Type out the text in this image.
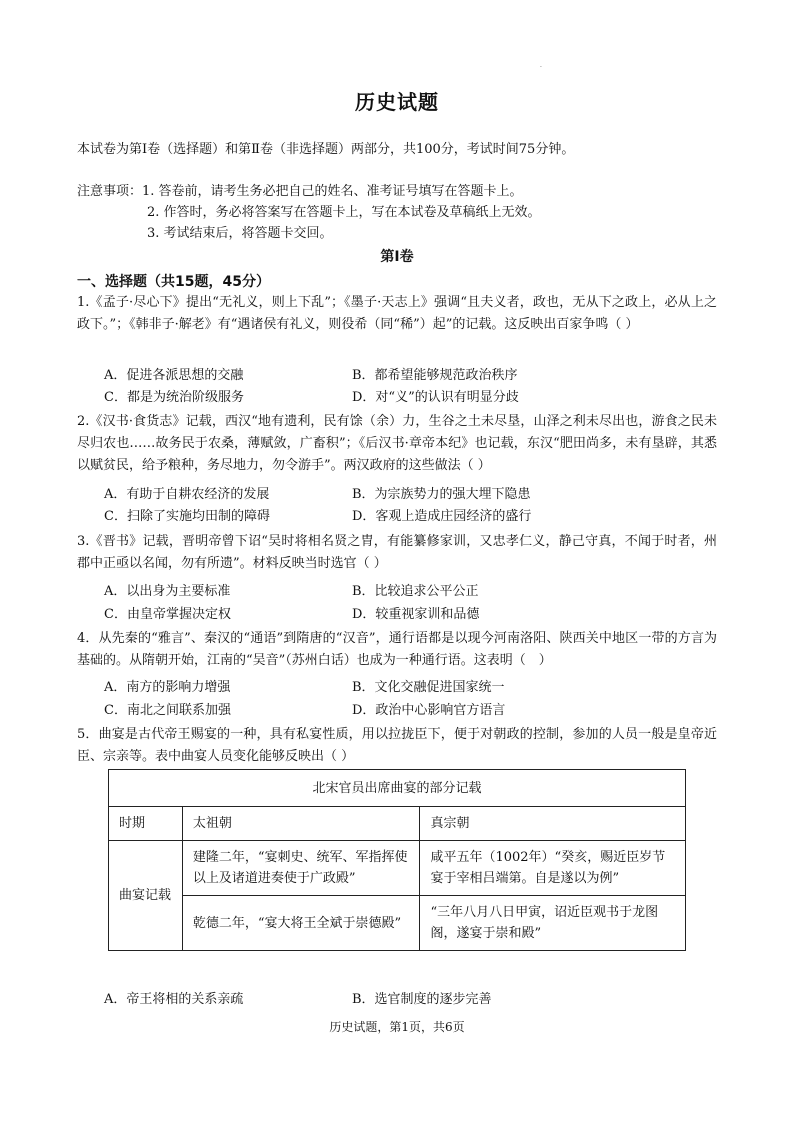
·
历史试题
本试卷为第Ⅰ卷（选择题）和第Ⅱ卷（非选择题）两部分，共100分，考试时间75分钟。
注意事项：1. 答卷前，请考生务必把自己的姓名、准考证号填写在答题卡上。
2. 作答时，务必将答案写在答题卡上，写在本试卷及草稿纸上无效。
3. 考试结束后，将答题卡交回。
第Ⅰ卷
一、选择题（共15题，45分）
1.《孟子·尽心下》提出“无礼义，则上下乱”；《墨子·天志上》强调“且夫义者，政也，无从下之政上，必从上之政下。”；《韩非子·解老》有“遇诸侯有礼义，则役希（同“稀”）起”的记载。这反映出百家争鸣（ ）
A．促进各派思想的交融	B．都希望能够规范政治秩序
C．都是为统治阶级服务	D．对“义”的认识有明显分歧
2.《汉书·食货志》记载，西汉“地有遗利，民有馀（余）力，生谷之土未尽垦，山泽之利未尽出也，游食之民未尽归农也……故务民于农桑，薄赋敛，广畜积”；《后汉书·章帝本纪》也记载，东汉“肥田尚多，未有垦辟，其悉以赋贫民，给予粮种，务尽地力，勿令游手”。两汉政府的这些做法（ ）
A．有助于自耕农经济的发展	B．为宗族势力的强大埋下隐患
C．扫除了实施均田制的障碍	D．客观上造成庄园经济的盛行
3.《晋书》记载，晋明帝曾下诏“吴时将相名贤之胄，有能纂修家训，又忠孝仁义，静己守真，不闻于时者，州郡中正亟以名闻，勿有所遗”。材料反映当时选官（ ）
A．以出身为主要标准	B．比较追求公平公正
C．由皇帝掌握决定权	D．较重视家训和品德
4．从先秦的“雅言”、秦汉的“通语”到隋唐的“汉音”，通行语都是以现今河南洛阳、陕西关中地区一带的方言为基础的。从隋朝开始，江南的“吴音”（苏州白话）也成为一种通行语。这表明（　）
A．南方的影响力增强	B．文化交融促进国家统一
C．南北之间联系加强	D．政治中心影响官方语言
5．曲宴是古代帝王赐宴的一种，具有私宴性质，用以拉拢臣下，便于对朝政的控制，参加的人员一般是皇帝近臣、宗亲等。表中曲宴人员变化能够反映出（ ）
北宋官员出席曲宴的部分记载		
时期	太祖朝	真宗朝
曲宴记载	建隆二年，“宴刺史、统军、军指挥使以上及诸道进奏使于广政殿”	咸平五年（1002年）“癸亥，赐近臣岁节宴于宰相吕端第。自是遂以为例”
	乾德二年，“宴大将王全斌于崇德殿”	“三年八月八日甲寅，诏近臣观书于龙图阁，遂宴于崇和殿”
A．帝王将相的关系亲疏	B．选官制度的逐步完善
历史试题，第1页，共6页
